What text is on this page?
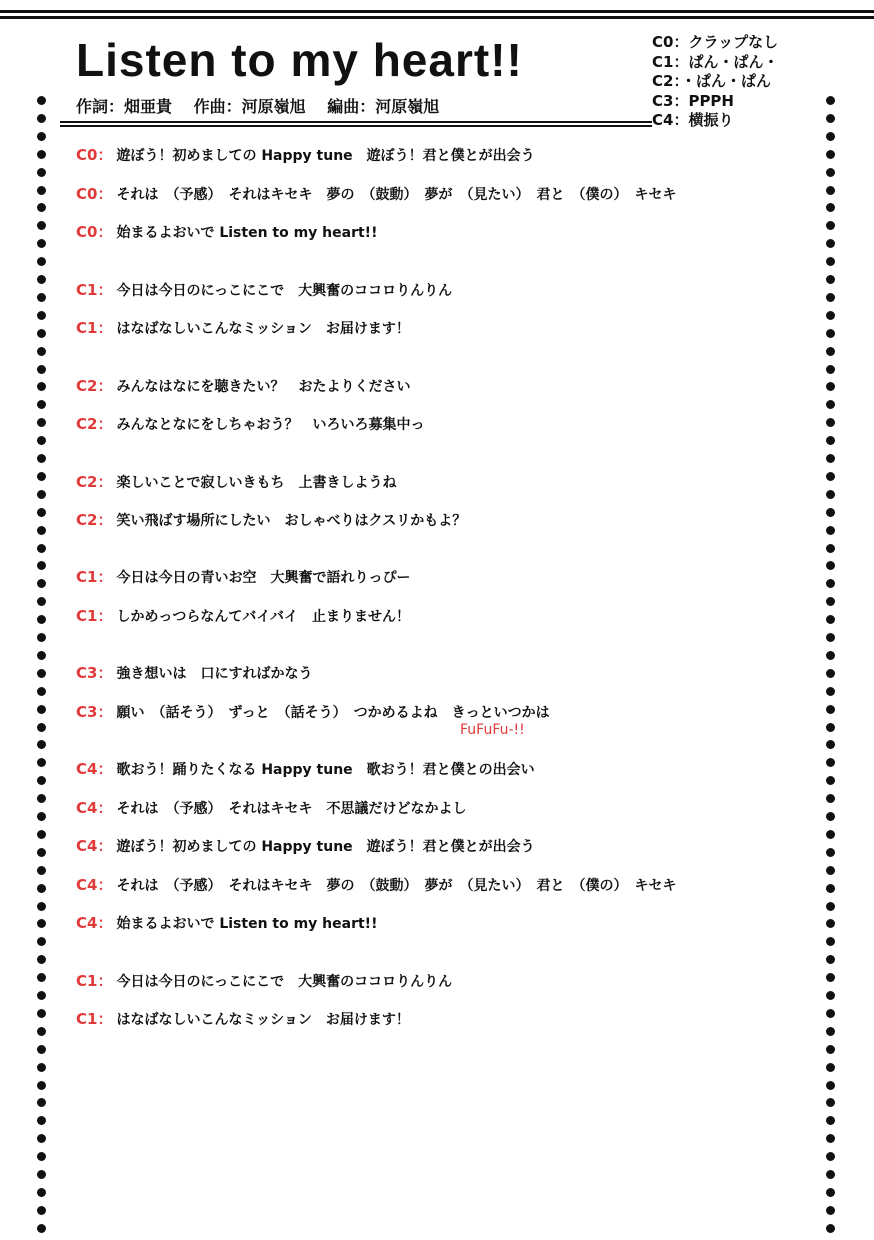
Listen to my heart!!
作詞：畑亜貴 作曲：河原嶺旭 編曲：河原嶺旭
C0：クラップなし
C1：ぱん・ぱん・
C2：・ぱん・ぱん
C3：PPPH
C4：横振り
C0： 遊ぼう！初めましての Happy tune　遊ぼう！君と僕とが出会う
C0： それは　（予感）　それはキセキ　夢の　（鼓動）　夢が　（見たい）　君と　（僕の）　キセキ
C0： 始まるよおいで Listen to my heart!!
C1： 今日は今日のにっこにこで　大興奮のココロりんりん
C1： はなばなしいこんなミッション　お届けます！
C2： みんなはなにを聴きたい？　おたよりください
C2： みんなとなにをしちゃおう？　いろいろ募集中っ
C2： 楽しいことで寂しいきもち　上書きしようね
C2： 笑い飛ばす場所にしたい　おしゃべりはクスリかもよ？
C1： 今日は今日の青いお空　大興奮で語れりっぴー
C1： しかめっつらなんてバイバイ　止まりません！
C3： 強き想いは　口にすればかなう
C3： 願い　（話そう）　ずっと　（話そう）　つかめるよね　きっといつかは
FuFuFu-!!
C4： 歌おう！踊りたくなる Happy tune　歌おう！君と僕との出会い
C4： それは　（予感）　それはキセキ　不思議だけどなかよし
C4： 遊ぼう！初めましての Happy tune　遊ぼう！君と僕とが出会う
C4： それは　（予感）　それはキセキ　夢の　（鼓動）　夢が　（見たい）　君と　（僕の）　キセキ
C4： 始まるよおいで Listen to my heart!!
C1： 今日は今日のにっこにこで　大興奮のココロりんりん
C1： はなばなしいこんなミッション　お届けます！
